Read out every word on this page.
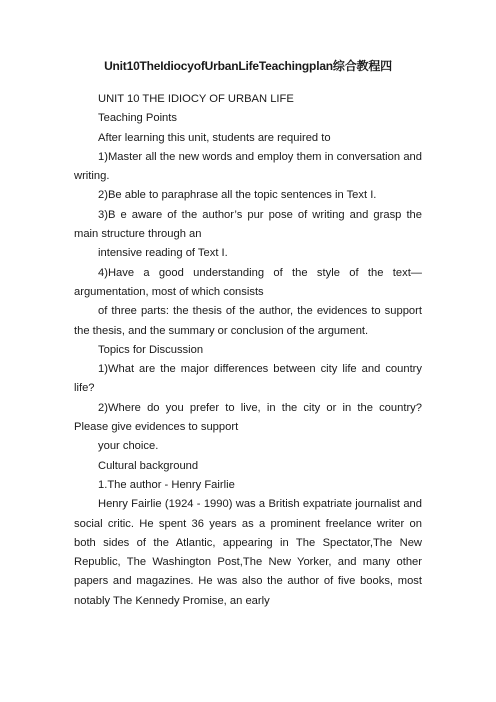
Unit10TheIdiocyofUrbanLifeTeachingplan综合教程四

UNIT 10 THE IDIOCY OF URBAN LIFE

Teaching Points

After learning this unit, students are required to

1)Master all the new words and employ them in conversation and writing.

2)Be able to paraphrase all the topic sentences in Text I.

3)B e aware of the author’s pur pose of writing and grasp the main structure through an

intensive reading of Text I.

4)Have a good understanding of the style of the text—argumentation, most of which consists

of three parts: the thesis of the author, the evidences to support the thesis, and the summary or conclusion of the argument.

Topics for Discussion

1)What are the major differences between city life and country life?

2)Where do you prefer to live, in the city or in the country? Please give evidences to support

your choice.

Cultural background

1.The author - Henry Fairlie

Henry Fairlie (1924 - 1990) was a British expatriate journalist and social critic. He spent 36 years as a prominent freelance writer on both sides of the Atlantic, appearing in The Spectator,The New Republic, The Washington Post,The New Yorker, and many other papers and magazines. He was also the author of five books, most notably The Kennedy Promise, an early
